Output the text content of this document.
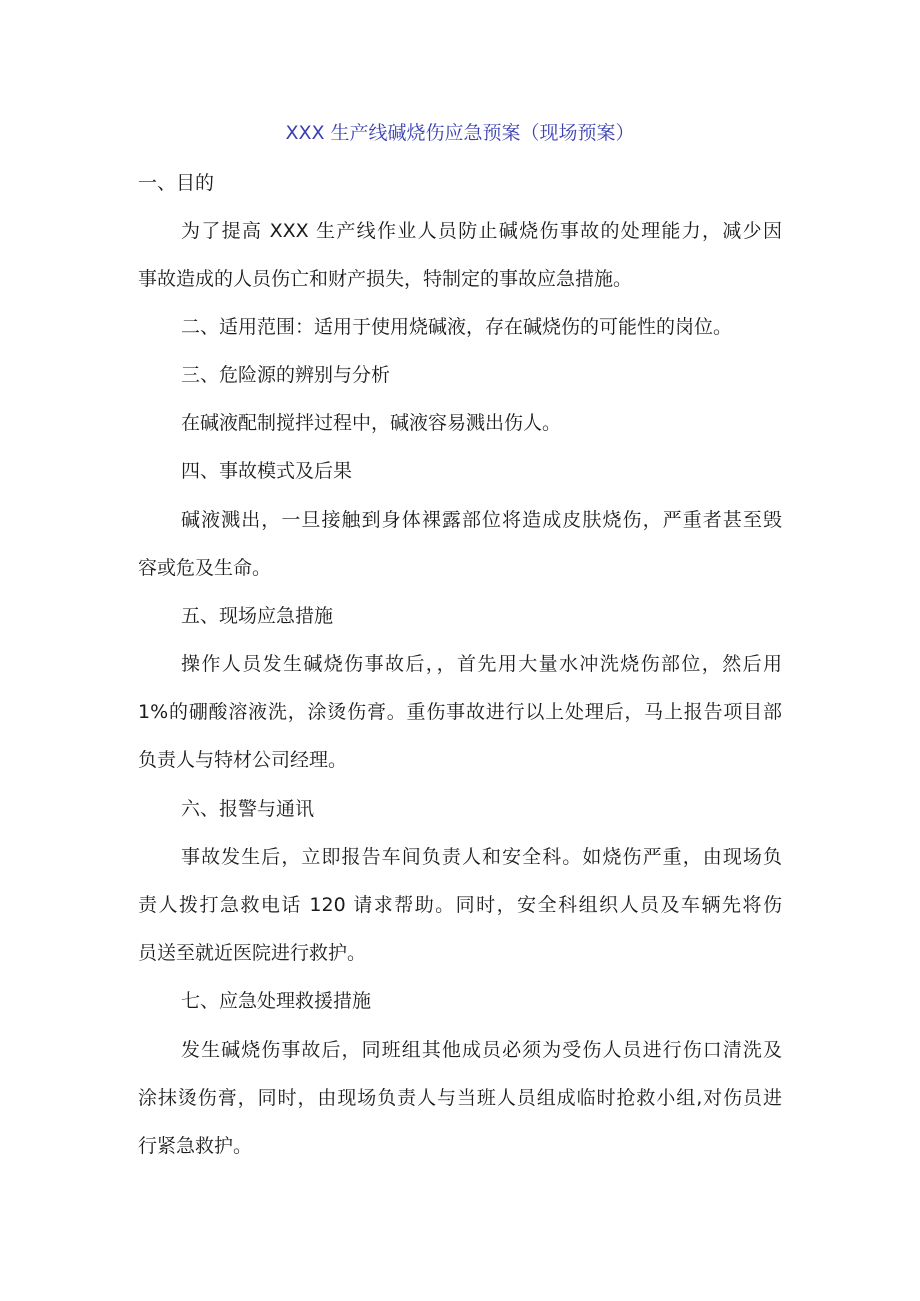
XXX 生产线碱烧伤应急预案（现场预案）
一、目的
为了提高 XXX 生产线作业人员防止碱烧伤事故的处理能力，减少因
事故造成的人员伤亡和财产损失，特制定的事故应急措施。
二、适用范围：适用于使用烧碱液，存在碱烧伤的可能性的岗位。
三、危险源的辨别与分析
在碱液配制搅拌过程中，碱液容易溅出伤人。
四、事故模式及后果
碱液溅出，一旦接触到身体裸露部位将造成皮肤烧伤，严重者甚至毁
容或危及生命。
五、现场应急措施
操作人员发生碱烧伤事故后，，首先用大量水冲洗烧伤部位，然后用
1%的硼酸溶液洗，涂烫伤膏。重伤事故进行以上处理后，马上报告项目部
负责人与特材公司经理。
六、报警与通讯
事故发生后，立即报告车间负责人和安全科。如烧伤严重，由现场负
责人拨打急救电话 120 请求帮助。同时，安全科组织人员及车辆先将伤
员送至就近医院进行救护。
七、应急处理救援措施
发生碱烧伤事故后，同班组其他成员必须为受伤人员进行伤口清洗及
涂抹烫伤膏，同时，由现场负责人与当班人员组成临时抢救小组,对伤员进
行紧急救护。
